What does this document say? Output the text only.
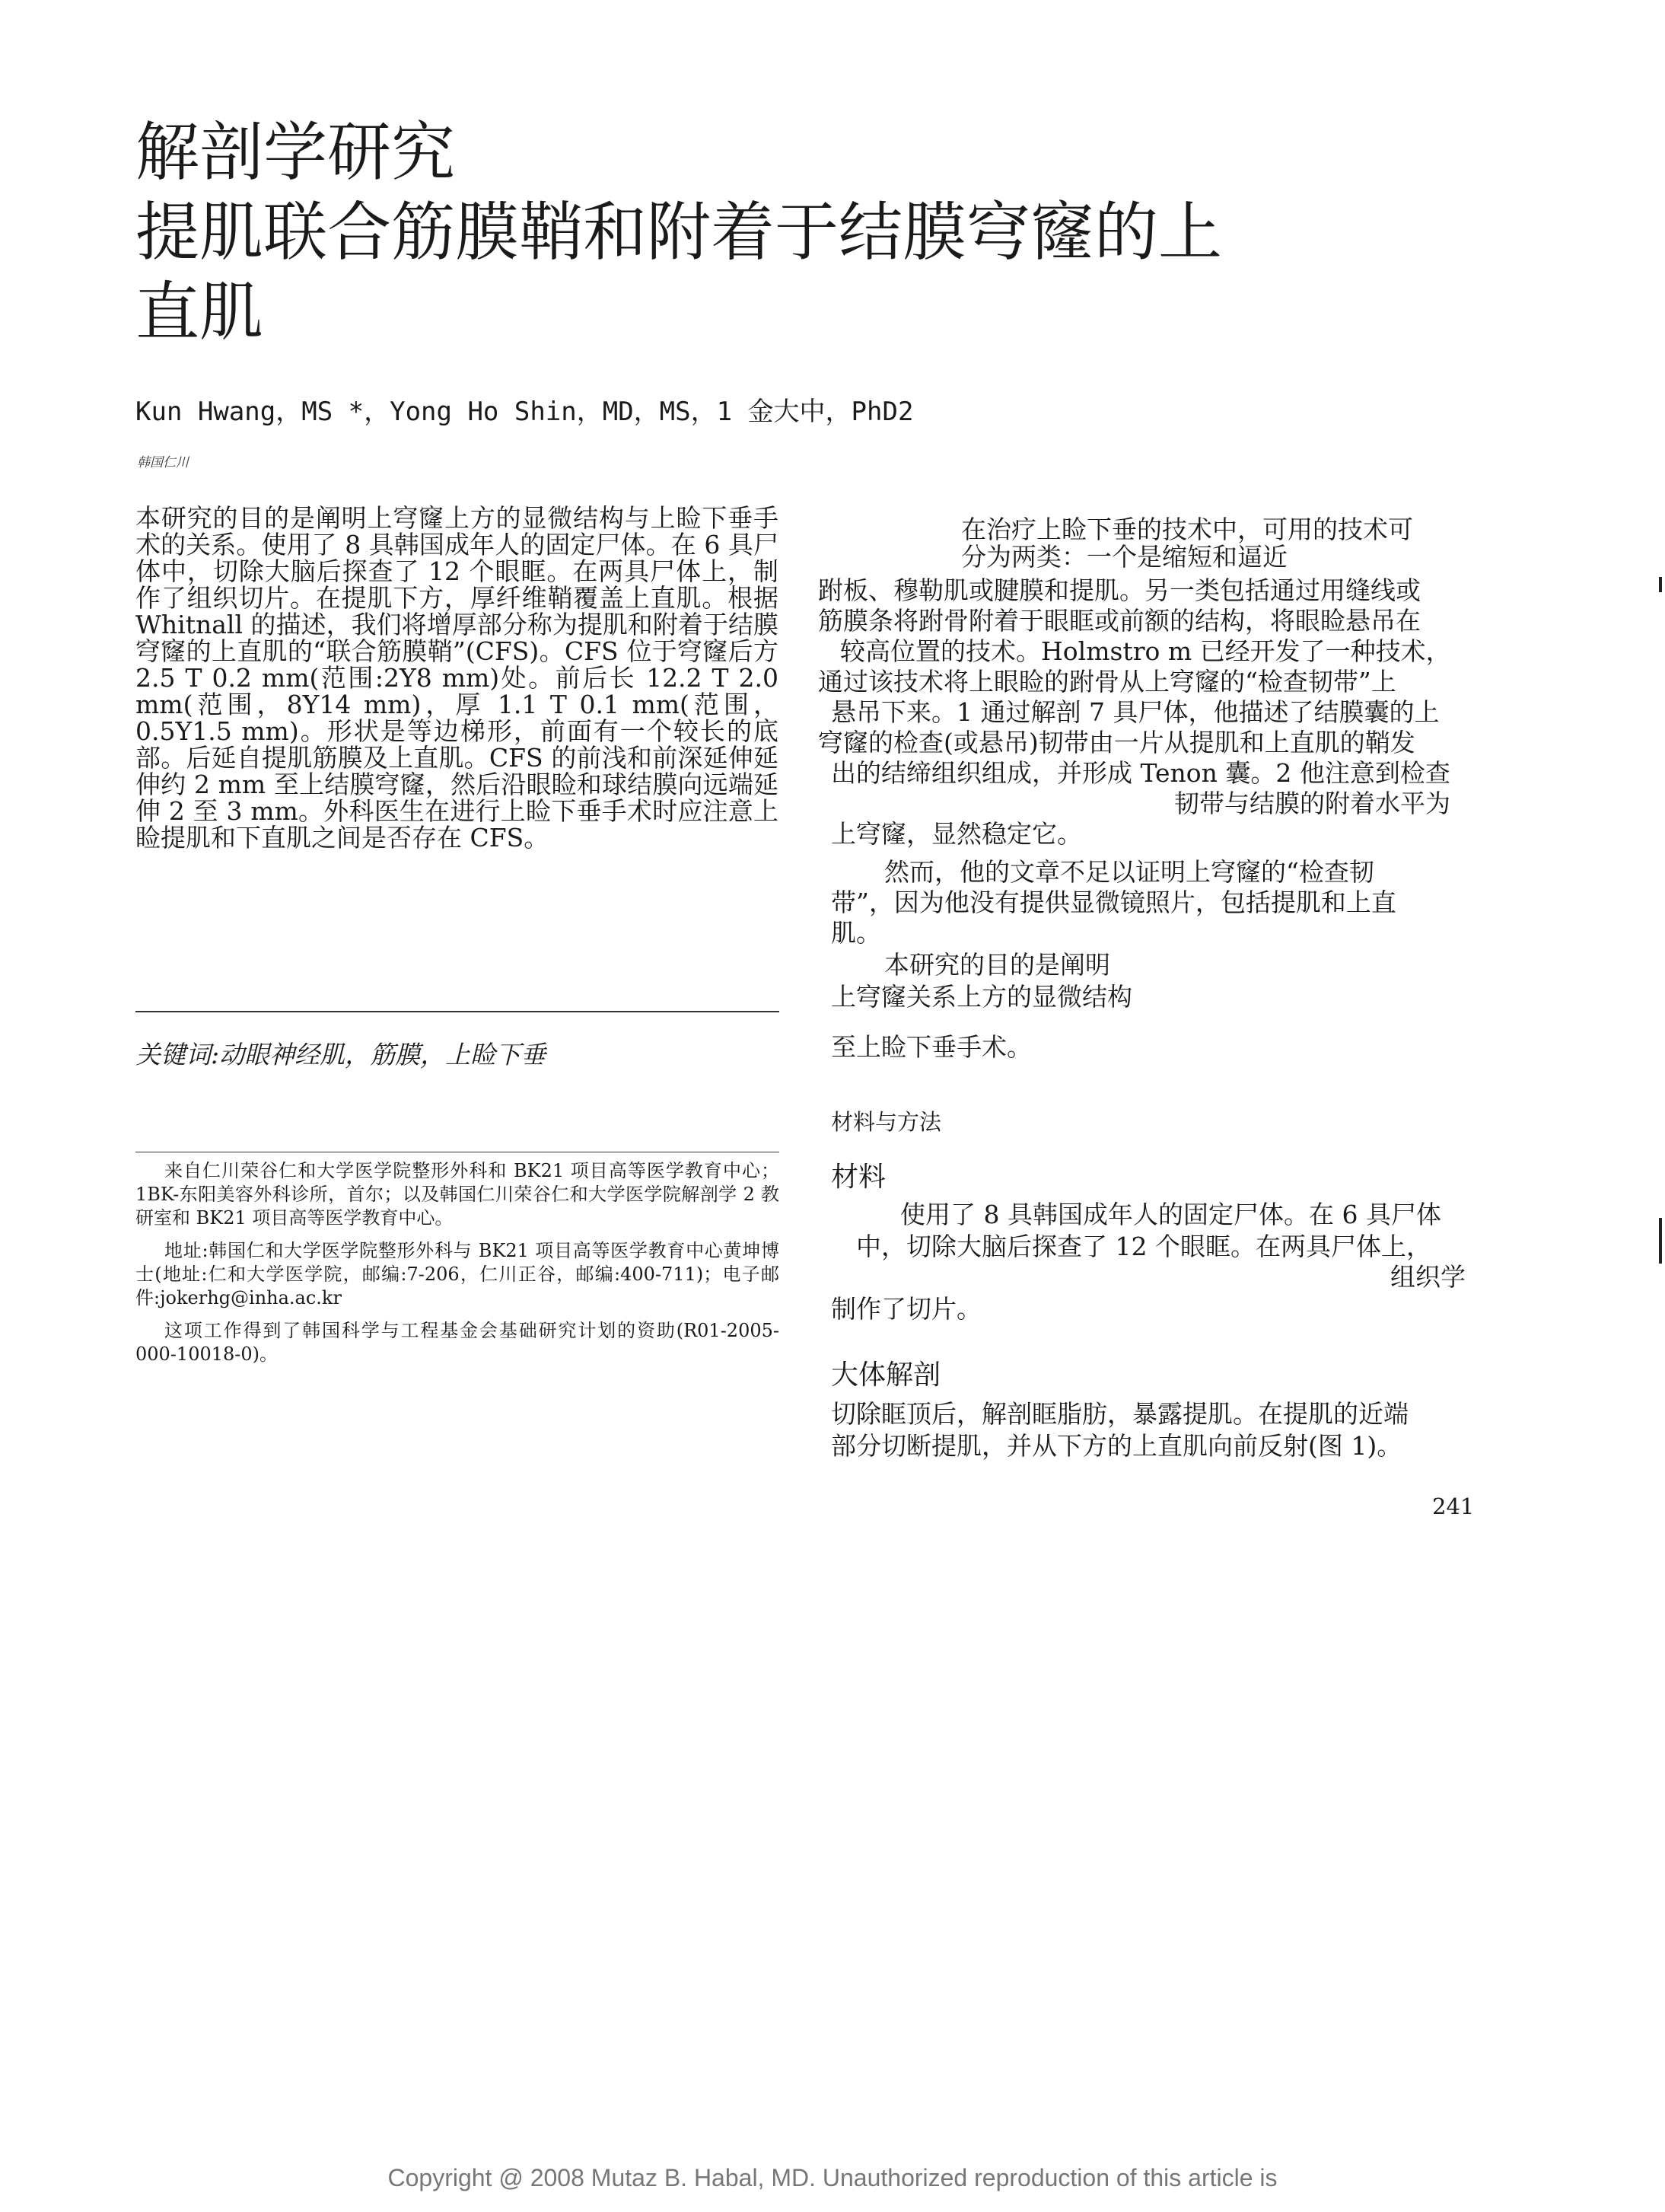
解剖学研究
提肌联合筋膜鞘和附着于结膜穹窿的上
直肌
Kun Hwang，MS *，Yong Ho Shin，MD，MS，1 金大中，PhD2
韩国仁川

本研究的目的是阐明上穹窿上方的显微结构与上睑下垂手术的关系。使用了 8 具韩国成年人的固定尸体。在 6 具尸体中，切除大脑后探查了 12 个眼眶。在两具尸体上，制作了组织切片。在提肌下方，厚纤维鞘覆盖上直肌。根据 Whitnall 的描述，我们将增厚部分称为提肌和附着于结膜穹窿的上直肌的“联合筋膜鞘”(CFS)。CFS 位于穹窿后方 2.5 T 0.2 mm(范围:2Y8 mm)处。前后长 12.2 T 2.0 mm(范围，8Y14 mm)，厚 1.1 T 0.1 mm(范围，0.5Y1.5 mm)。形状是等边梯形，前面有一个较长的底部。后延自提肌筋膜及上直肌。CFS 的前浅和前深延伸延伸约 2 mm 至上结膜穹窿，然后沿眼睑和球结膜向远端延伸 2 至 3 mm。外科医生在进行上睑下垂手术时应注意上睑提肌和下直肌之间是否存在 CFS。

关键词:动眼神经肌，筋膜，上睑下垂

来自仁川荣谷仁和大学医学院整形外科和 BK21 项目高等医学教育中心；1BK-东阳美容外科诊所，首尔；以及韩国仁川荣谷仁和大学医学院解剖学 2 教研室和 BK21 项目高等医学教育中心。

地址:韩国仁和大学医学院整形外科与 BK21 项目高等医学教育中心黄坤博士(地址:仁和大学医学院，邮编:7-206，仁川正谷，邮编:400-711)；电子邮件:jokerhg@inha.ac.kr

这项工作得到了韩国科学与工程基金会基础研究计划的资助(R01-2005-000-10018-0)。

在治疗上睑下垂的技术中，可用的技术可
分为两类：一个是缩短和逼近
跗板、穆勒肌或腱膜和提肌。另一类包括通过用缝线或
筋膜条将跗骨附着于眼眶或前额的结构，将眼睑悬吊在
较高位置的技术。Holmstro m 已经开发了一种技术，
通过该技术将上眼睑的跗骨从上穹窿的“检查韧带”上
悬吊下来。1 通过解剖 7 具尸体，他描述了结膜囊的上
穹窿的检查(或悬吊)韧带由一片从提肌和上直肌的鞘发
出的结缔组织组成，并形成 Tenon 囊。2 他注意到检查
韧带与结膜的附着水平为
上穹窿，显然稳定它。
然而，他的文章不足以证明上穹窿的“检查韧
带”，因为他没有提供显微镜照片，包括提肌和上直
肌。
本研究的目的是阐明
上穹窿关系上方的显微结构
至上睑下垂手术。
材料与方法
材料
使用了 8 具韩国成年人的固定尸体。在 6 具尸体
中，切除大脑后探查了 12 个眼眶。在两具尸体上，
组织学
制作了切片。
大体解剖
切除眶顶后，解剖眶脂肪，暴露提肌。在提肌的近端
部分切断提肌，并从下方的上直肌向前反射(图 1)。
241
Copyright @ 2008 Mutaz B. Habal, MD. Unauthorized reproduction of this article is
